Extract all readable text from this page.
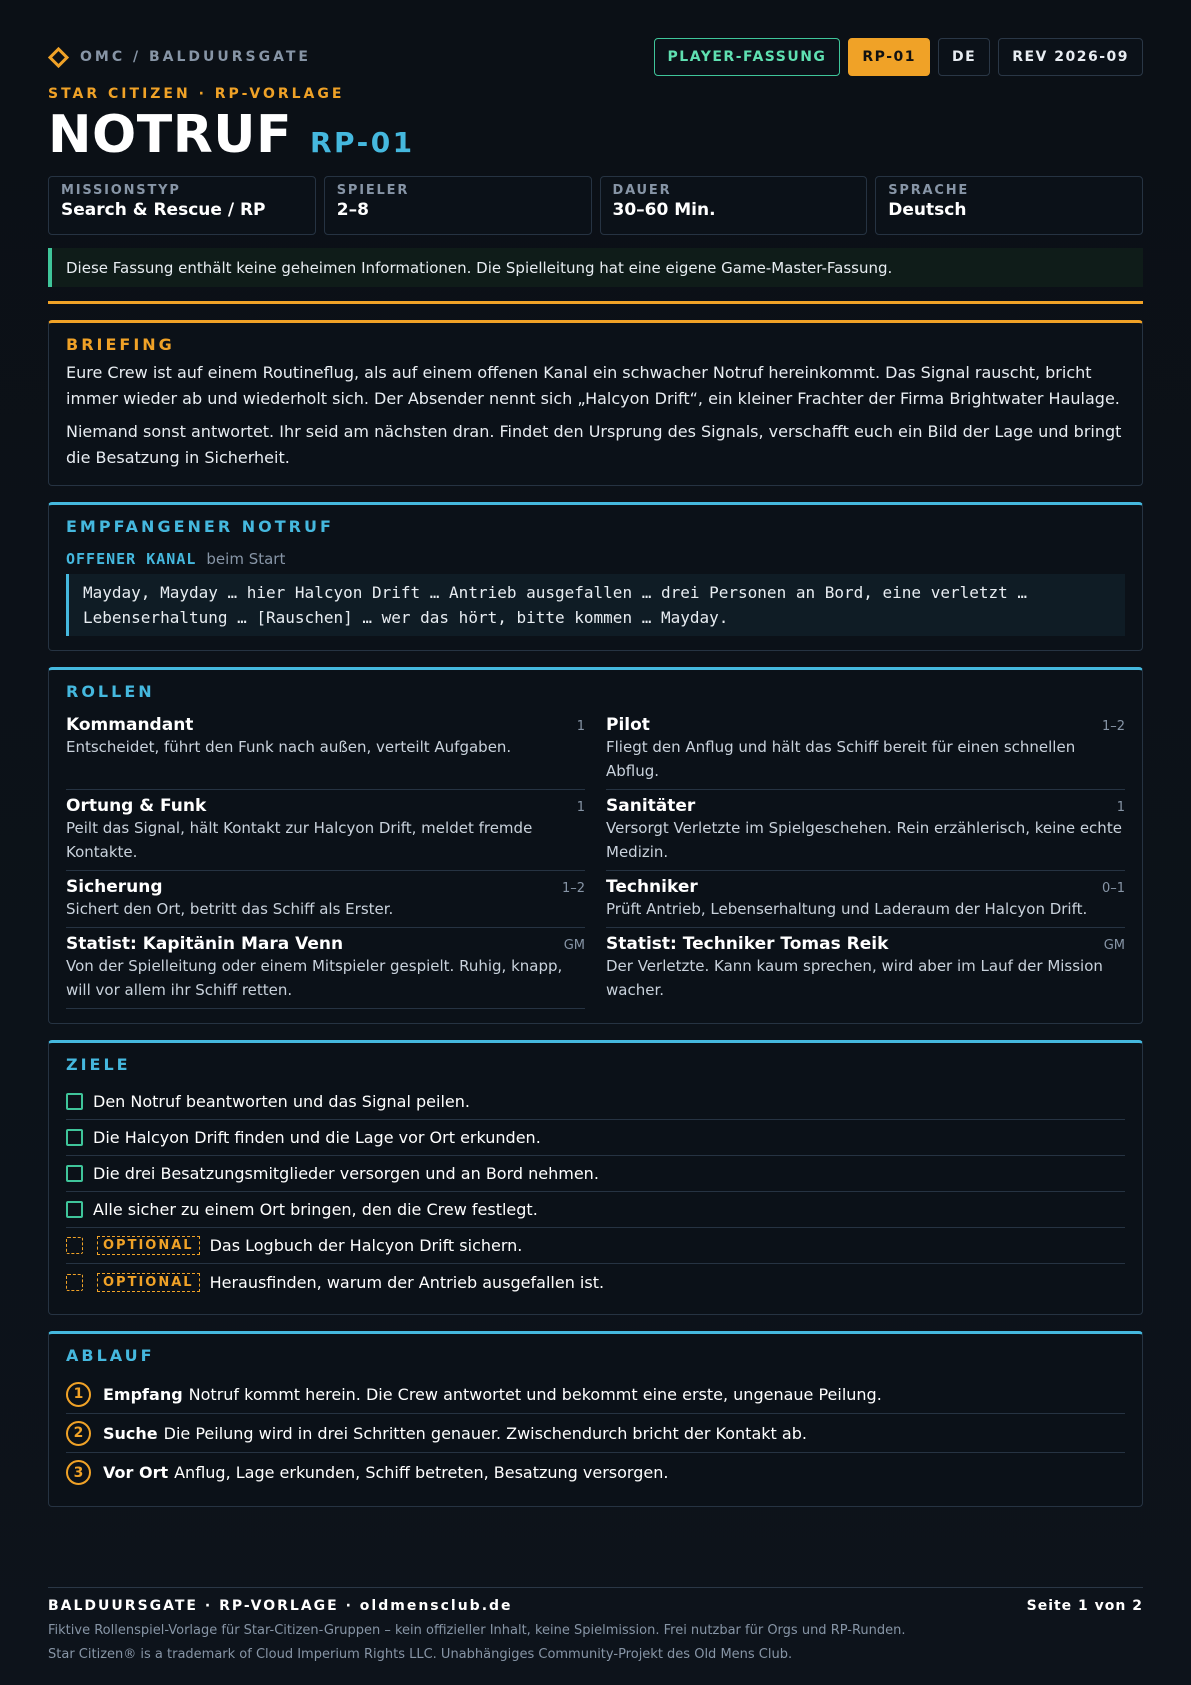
OMC / BALDUURSGATE	PLAYER-FASSUNG	RP-01	DE	REV 2026-09
STAR CITIZEN · RP-VORLAGE
NOTRUF RP-01
MISSIONSTYP
Search & Rescue / RP
SPIELER
2–8
DAUER
30–60 Min.
SPRACHE
Deutsch
Diese Fassung enthält keine geheimen Informationen. Die Spielleitung hat eine eigene Game-Master-Fassung.
BRIEFING

Eure Crew ist auf einem Routineflug, als auf einem offenen Kanal ein schwacher Notruf hereinkommt. Das Signal rauscht, bricht immer wieder ab und wiederholt sich. Der Absender nennt sich „Halcyon Drift“, ein kleiner Frachter der Firma Brightwater Haulage.

Niemand sonst antwortet. Ihr seid am nächsten dran. Findet den Ursprung des Signals, verschafft euch ein Bild der Lage und bringt die Besatzung in Sicherheit.

EMPFANGENER NOTRUF
OFFENER KANAL beim Start
Mayday, Mayday … hier Halcyon Drift … Antrieb ausgefallen … drei Personen an Bord, eine verletzt … Lebenserhaltung … [Rauschen] … wer das hört, bitte kommen … Mayday.
ROLLEN
Kommandant	1
Entscheidet, führt den Funk nach außen, verteilt Aufgaben.
Pilot	1–2
Fliegt den Anflug und hält das Schiff bereit für einen schnellen Abflug.
Ortung & Funk	1
Peilt das Signal, hält Kontakt zur Halcyon Drift, meldet fremde Kontakte.
Sanitäter	1
Versorgt Verletzte im Spielgeschehen. Rein erzählerisch, keine echte Medizin.
Sicherung	1–2
Sichert den Ort, betritt das Schiff als Erster.
Techniker	0–1
Prüft Antrieb, Lebenserhaltung und Laderaum der Halcyon Drift.
Statist: Kapitänin Mara Venn	GM
Von der Spielleitung oder einem Mitspieler gespielt. Ruhig, knapp, will vor allem ihr Schiff retten.
Statist: Techniker Tomas Reik	GM
Der Verletzte. Kann kaum sprechen, wird aber im Lauf der Mission wacher.
ZIELE
Den Notruf beantworten und das Signal peilen.
Die Halcyon Drift finden und die Lage vor Ort erkunden.
Die drei Besatzungsmitglieder versorgen und an Bord nehmen.
Alle sicher zu einem Ort bringen, den die Crew festlegt.
OPTIONAL	Das Logbuch der Halcyon Drift sichern.
OPTIONAL	Herausfinden, warum der Antrieb ausgefallen ist.
ABLAUF
1	Empfang Notruf kommt herein. Die Crew antwortet und bekommt eine erste, ungenaue Peilung.
2	Suche Die Peilung wird in drei Schritten genauer. Zwischendurch bricht der Kontakt ab.
3	Vor Ort Anflug, Lage erkunden, Schiff betreten, Besatzung versorgen.
BALDUURSGATE · RP-VORLAGE · oldmensclub.de	Seite 1 von 2
Fiktive Rollenspiel-Vorlage für Star-Citizen-Gruppen – kein offizieller Inhalt, keine Spielmission. Frei nutzbar für Orgs und RP-Runden.
Star Citizen® is a trademark of Cloud Imperium Rights LLC. Unabhängiges Community-Projekt des Old Mens Club.
